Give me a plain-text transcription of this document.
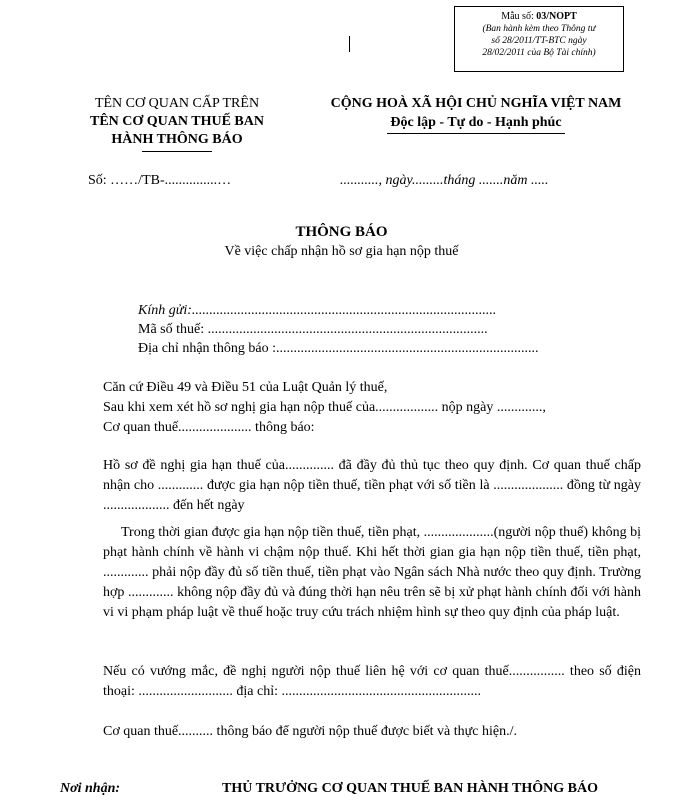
Mẫu số: 03/NOPT
(Ban hành kèm theo Thông tư
số 28/2011/TT-BTC ngày
28/02/2011 của Bộ Tài chính)
TÊN CƠ QUAN CẤP TRÊN
TÊN CƠ QUAN THUẾ BAN
HÀNH THÔNG BÁO
CỘNG HOÀ XÃ HỘI CHỦ NGHĨA VIỆT NAM
Độc lập - Tự do - Hạnh phúc
Số: ……/TB-...............…	..........., ngày.........tháng .......năm .....
THÔNG BÁO
Về việc chấp nhận hồ sơ gia hạn nộp thuế
Kính gửi:.......................................................................................
Mã số thuế: ................................................................................
Địa chỉ nhận thông báo :...........................................................................
Căn cứ Điều 49 và Điều 51 của Luật Quản lý thuế,
Sau khi xem xét hồ sơ nghị gia hạn nộp thuế của.................. nộp ngày .............,
Cơ quan thuế..................... thông báo:

Hồ sơ đề nghị gia hạn thuế của.............. đã đầy đủ thủ tục theo quy định. Cơ quan thuế chấp nhận cho ............. được gia hạn nộp tiền thuế, tiền phạt với số tiền là .................... đồng từ ngày ................... đến hết ngày

Trong thời gian được gia hạn nộp tiền thuế, tiền phạt, ....................(người nộp thuế) không bị phạt hành chính về hành vi chậm nộp thuế. Khi hết thời gian gia hạn nộp tiền thuế, tiền phạt, ............. phải nộp đầy đủ số tiền thuế, tiền phạt vào Ngân sách Nhà nước theo quy định. Trường hợp ............. không nộp đầy đủ và đúng thời hạn nêu trên sẽ bị xử phạt hành chính đối với hành vi vi phạm pháp luật về thuế hoặc truy cứu trách nhiệm hình sự theo quy định của pháp luật.

Nếu có vướng mắc, đề nghị người nộp thuế liên hệ với cơ quan thuế................ theo số điện thoại: ........................... địa chỉ: .........................................................

Cơ quan thuế.......... thông báo để người nộp thuế được biết và thực hiện./.

Nơi nhận:	THỦ TRƯỞNG CƠ QUAN THUẾ BAN HÀNH THÔNG BÁO
